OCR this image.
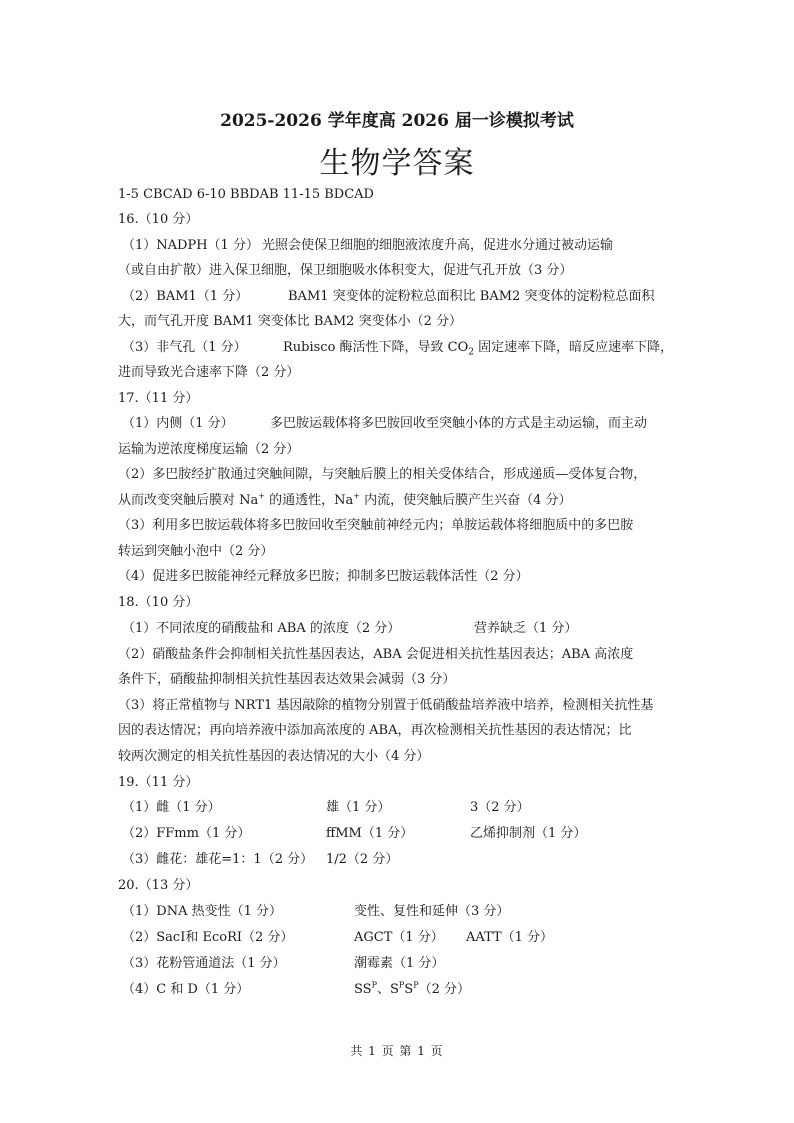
2025-2026 学年度高 2026 届一诊模拟考试
生物学答案
1-5 CBCAD 6-10 BBDAB 11-15 BDCAD
16.（10 分）
（1）NADPH（1 分） 光照会使保卫细胞的细胞液浓度升高，促进水分通过被动运输
（或自由扩散）进入保卫细胞，保卫细胞吸水体积变大，促进气孔开放（3 分）
（2）BAM1（1 分）	BAM1 突变体的淀粉粒总面积比 BAM2 突变体的淀粉粒总面积
大，而气孔开度 BAM1 突变体比 BAM2 突变体小（2 分）
（3）非气孔（1 分）	Rubisco 酶活性下降，导致 $CO_2$ 固定速率下降，暗反应速率下降，
进而导致光合速率下降（2 分）
17.（11 分）
（1）内侧（1 分）	多巴胺运载体将多巴胺回收至突触小体的方式是主动运输，而主动
运输为逆浓度梯度运输（2 分）
（2）多巴胺经扩散通过突触间隙，与突触后膜上的相关受体结合，形成递质—受体复合物，
从而改变突触后膜对 Na+ 的通透性，Na+ 内流，使突触后膜产生兴奋（4 分）
（3）利用多巴胺运载体将多巴胺回收至突触前神经元内；单胺运载体将细胞质中的多巴胺
转运到突触小泡中（2 分）
（4）促进多巴胺能神经元释放多巴胺；抑制多巴胺运载体活性（2 分）
18.（10 分）
（1）不同浓度的硝酸盐和 ABA 的浓度（2 分）	营养缺乏（1 分）
（2）硝酸盐条件会抑制相关抗性基因表达，ABA 会促进相关抗性基因表达；ABA 高浓度
条件下，硝酸盐抑制相关抗性基因表达效果会减弱（3 分）
（3）将正常植物与 NRT1 基因敲除的植物分别置于低硝酸盐培养液中培养，检测相关抗性基
因的表达情况；再向培养液中添加高浓度的 ABA，再次检测相关抗性基因的表达情况；比
较两次测定的相关抗性基因的表达情况的大小（4 分）
19.（11 分）
（1）雌（1 分）	雄（1 分）	3（2 分）
（2）FFmm（1 分）	ffMM（1 分）	乙烯抑制剂（1 分）
（3）雌花：雄花=1：1（2 分） 1/2（2 分）
20.（13 分）
（1）DNA 热变性（1 分）	变性、复性和延伸（3 分）
（2）SacI和 EcoRI（2 分）	AGCT（1 分） AATT（1 分）
（3）花粉管通道法（1 分）	潮霉素（1 分）
（4）C 和 D（1 分）	$SS^P$、$S^PS^P(2$ 分）
共 1 页 第 1 页
